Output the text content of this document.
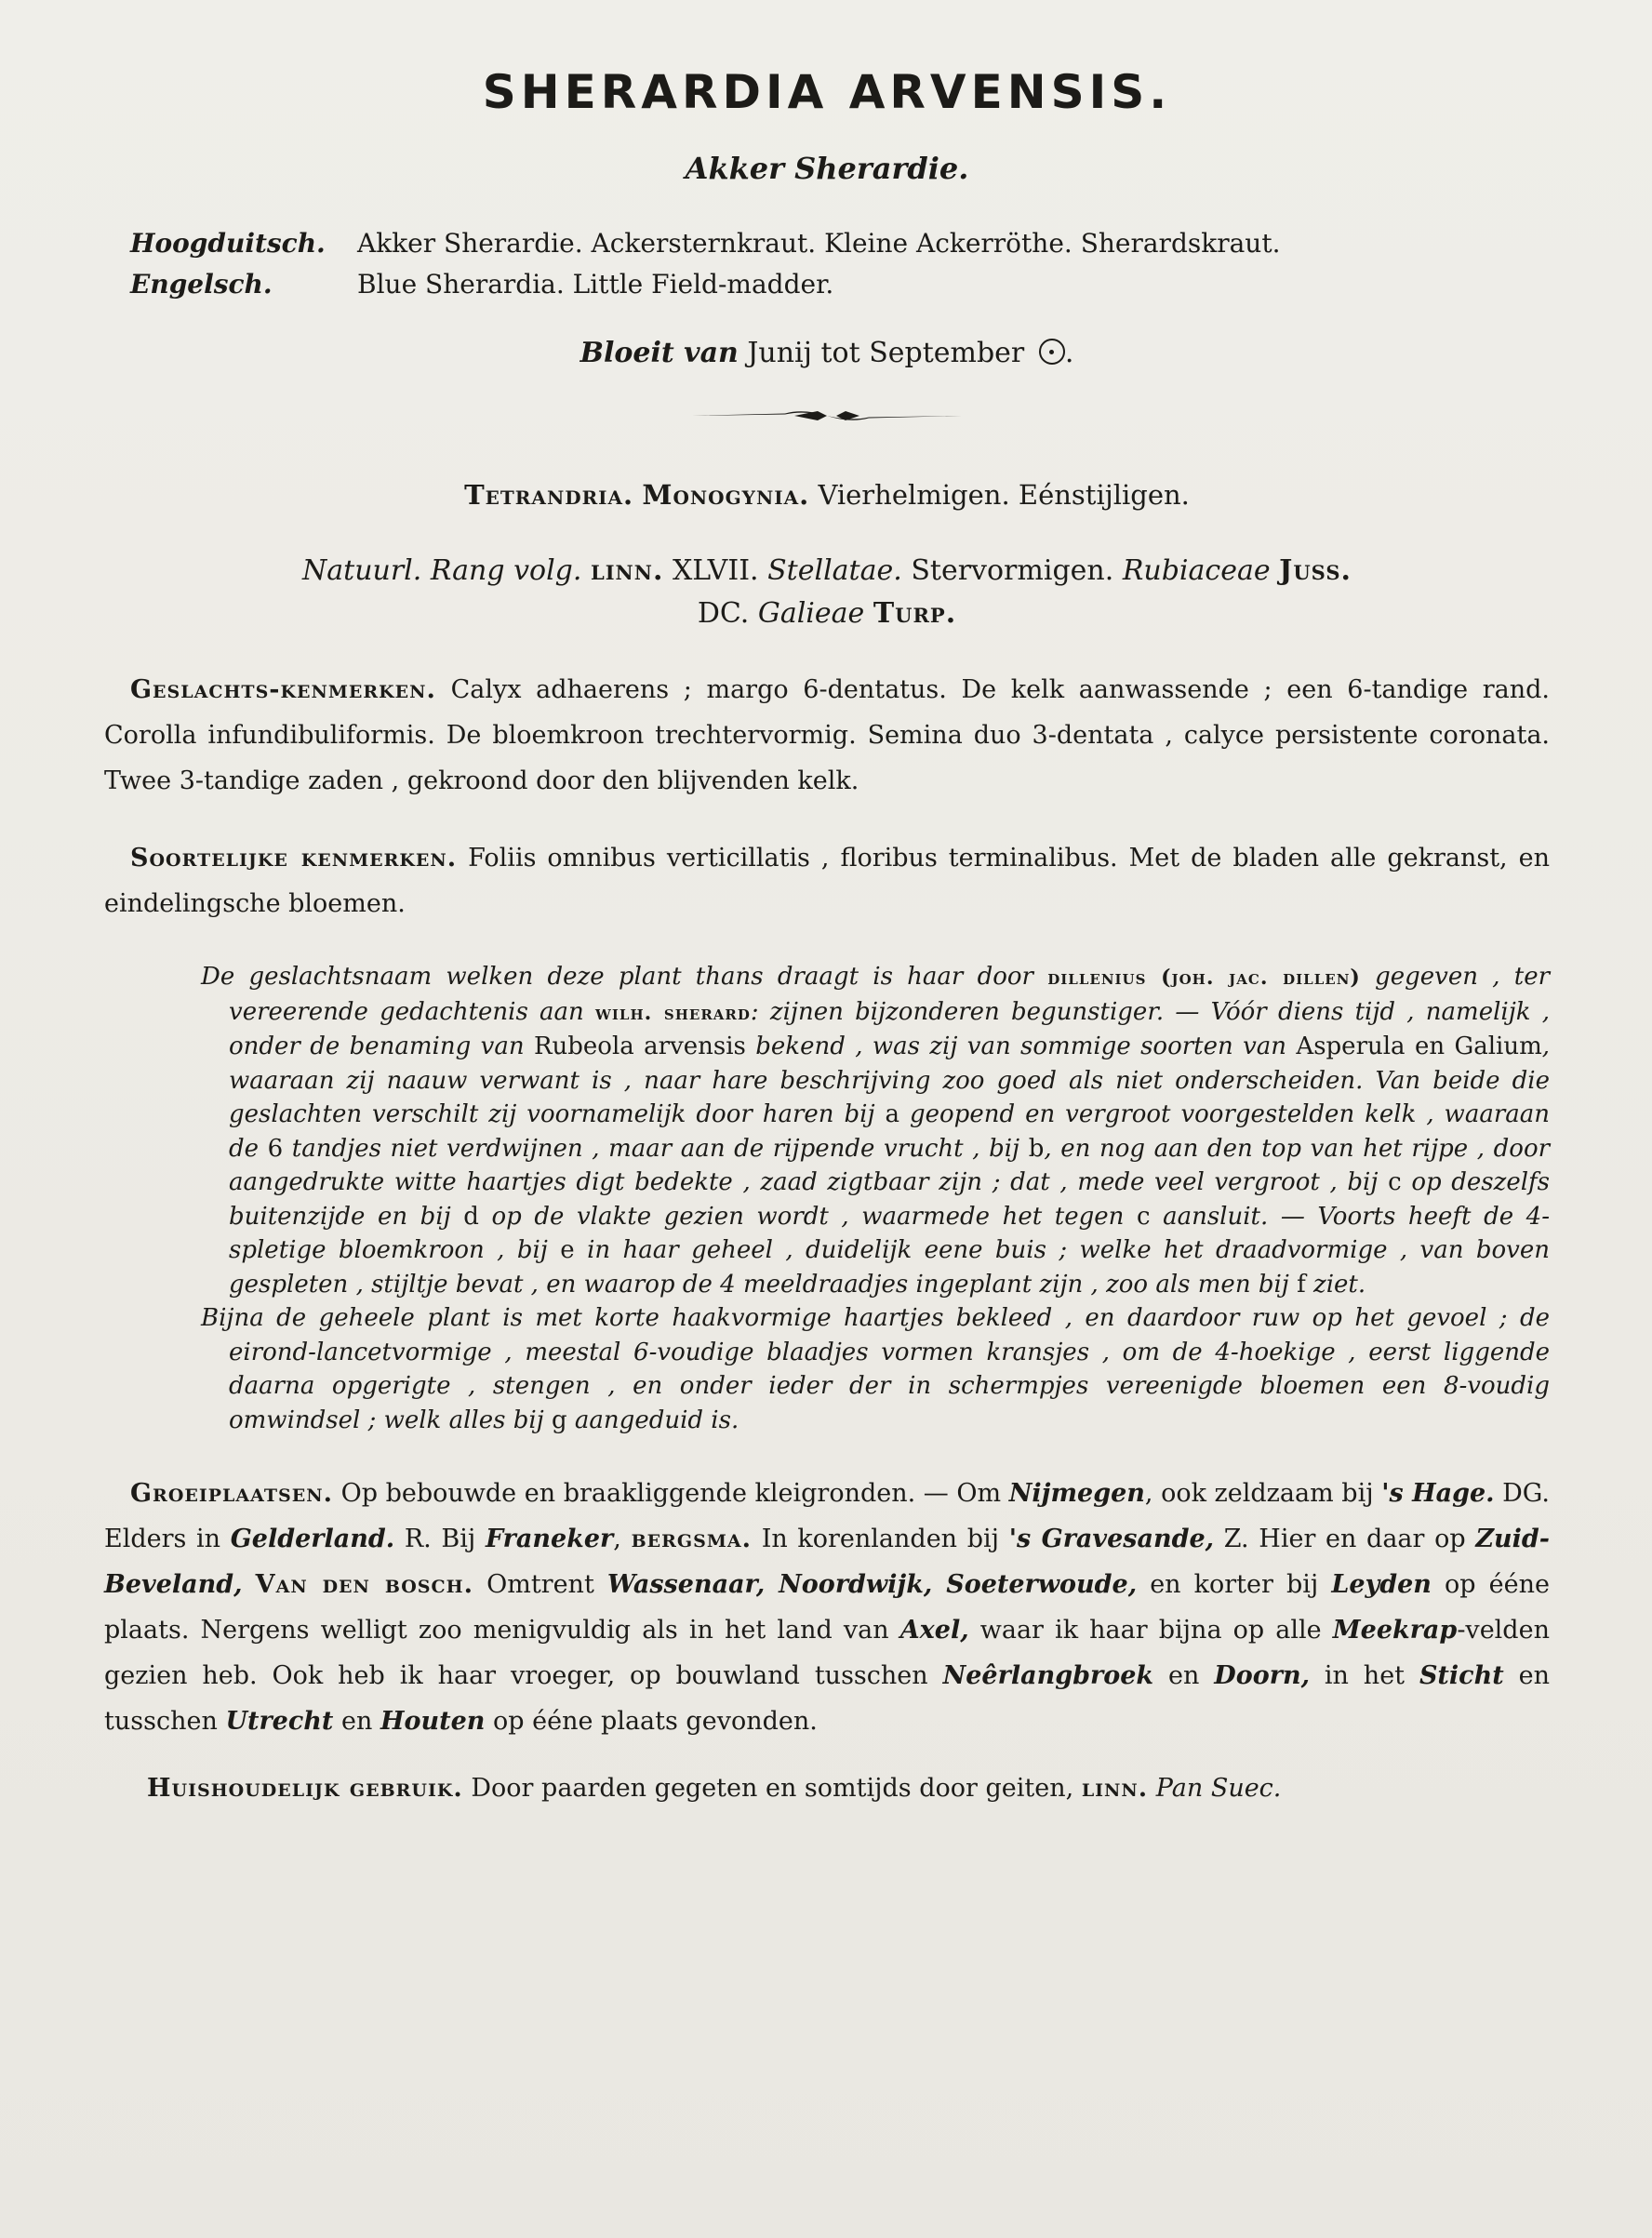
SHERARDIA ARVENSIS.
Akker Sherardie.
Hoogduitsch.	Akker Sherardie. Ackersternkraut. Kleine Ackerröthe. Sherardskraut.
Engelsch.	Blue Sherardia. Little Field-madder.
Bloeit van Junij tot September .
Tetrandria. Monogynia. Vierhelmigen. Eénstijligen.
Natuurl. Rang volg. linn. XLVII. Stellatae. Stervormigen. Rubiaceae Juss.
DC. Galieae Turp.

Geslachts-kenmerken. Calyx adhaerens ; margo 6-dentatus. De kelk aanwassende ; een 6-tandige rand. Corolla infundibuliformis. De bloemkroon trechtervormig. Semina duo 3-dentata , calyce persistente coronata. Twee 3-tandige zaden , gekroond door den blijvenden kelk.

Soortelijke kenmerken. Foliis omnibus verticillatis , floribus terminalibus. Met de bladen alle gekranst, en eindelingsche bloemen.

De geslachtsnaam welken deze plant thans draagt is haar door dillenius (joh. jac. dillen) gegeven , ter vereerende gedachtenis aan wilh. sherard: zijnen bijzonderen begunstiger. — Vóór diens tijd , namelijk , onder de benaming van Rubeola arvensis bekend , was zij van sommige soorten van Asperula en Galium, waaraan zij naauw verwant is , naar hare beschrijving zoo goed als niet onderscheiden. Van beide die geslachten verschilt zij voornamelijk door haren bij a geopend en vergroot voorgestelden kelk , waaraan de 6 tandjes niet verdwijnen , maar aan de rijpende vrucht , bij b, en nog aan den top van het rijpe , door aangedrukte witte haartjes digt bedekte , zaad zigtbaar zijn ; dat , mede veel vergroot , bij c op deszelfs buitenzijde en bij d op de vlakte gezien wordt , waarmede het tegen c aansluit. — Voorts heeft de 4-spletige bloemkroon , bij e in haar geheel , duidelijk eene buis ; welke het draadvormige , van boven gespleten , stijltje bevat , en waarop de 4 meeldraadjes ingeplant zijn , zoo als men bij f ziet.

Bijna de geheele plant is met korte haakvormige haartjes bekleed , en daardoor ruw op het gevoel ; de eirond-lancetvormige , meestal 6-voudige blaadjes vormen kransjes , om de 4-hoekige , eerst liggende daarna opgerigte , stengen , en onder ieder der in schermpjes vereenigde bloemen een 8-voudig omwindsel ; welk alles bij g aangeduid is.

Groeiplaatsen. Op bebouwde en braakliggende kleigronden. — Om Nijmegen, ook zeldzaam bij 's Hage. DG. Elders in Gelderland. R. Bij Franeker, bergsma. In korenlanden bij 's Gravesande, Z. Hier en daar op Zuid-Beveland, Van den bosch. Omtrent Wassenaar, Noordwijk, Soeterwoude, en korter bij Leyden op ééne plaats. Nergens welligt zoo menigvuldig als in het land van Axel, waar ik haar bijna op alle Meekrap-velden gezien heb. Ook heb ik haar vroeger, op bouwland tusschen Neêrlangbroek en Doorn, in het Sticht en tusschen Utrecht en Houten op ééne plaats gevonden.

Huishoudelijk gebruik. Door paarden gegeten en somtijds door geiten, linn. Pan Suec.
